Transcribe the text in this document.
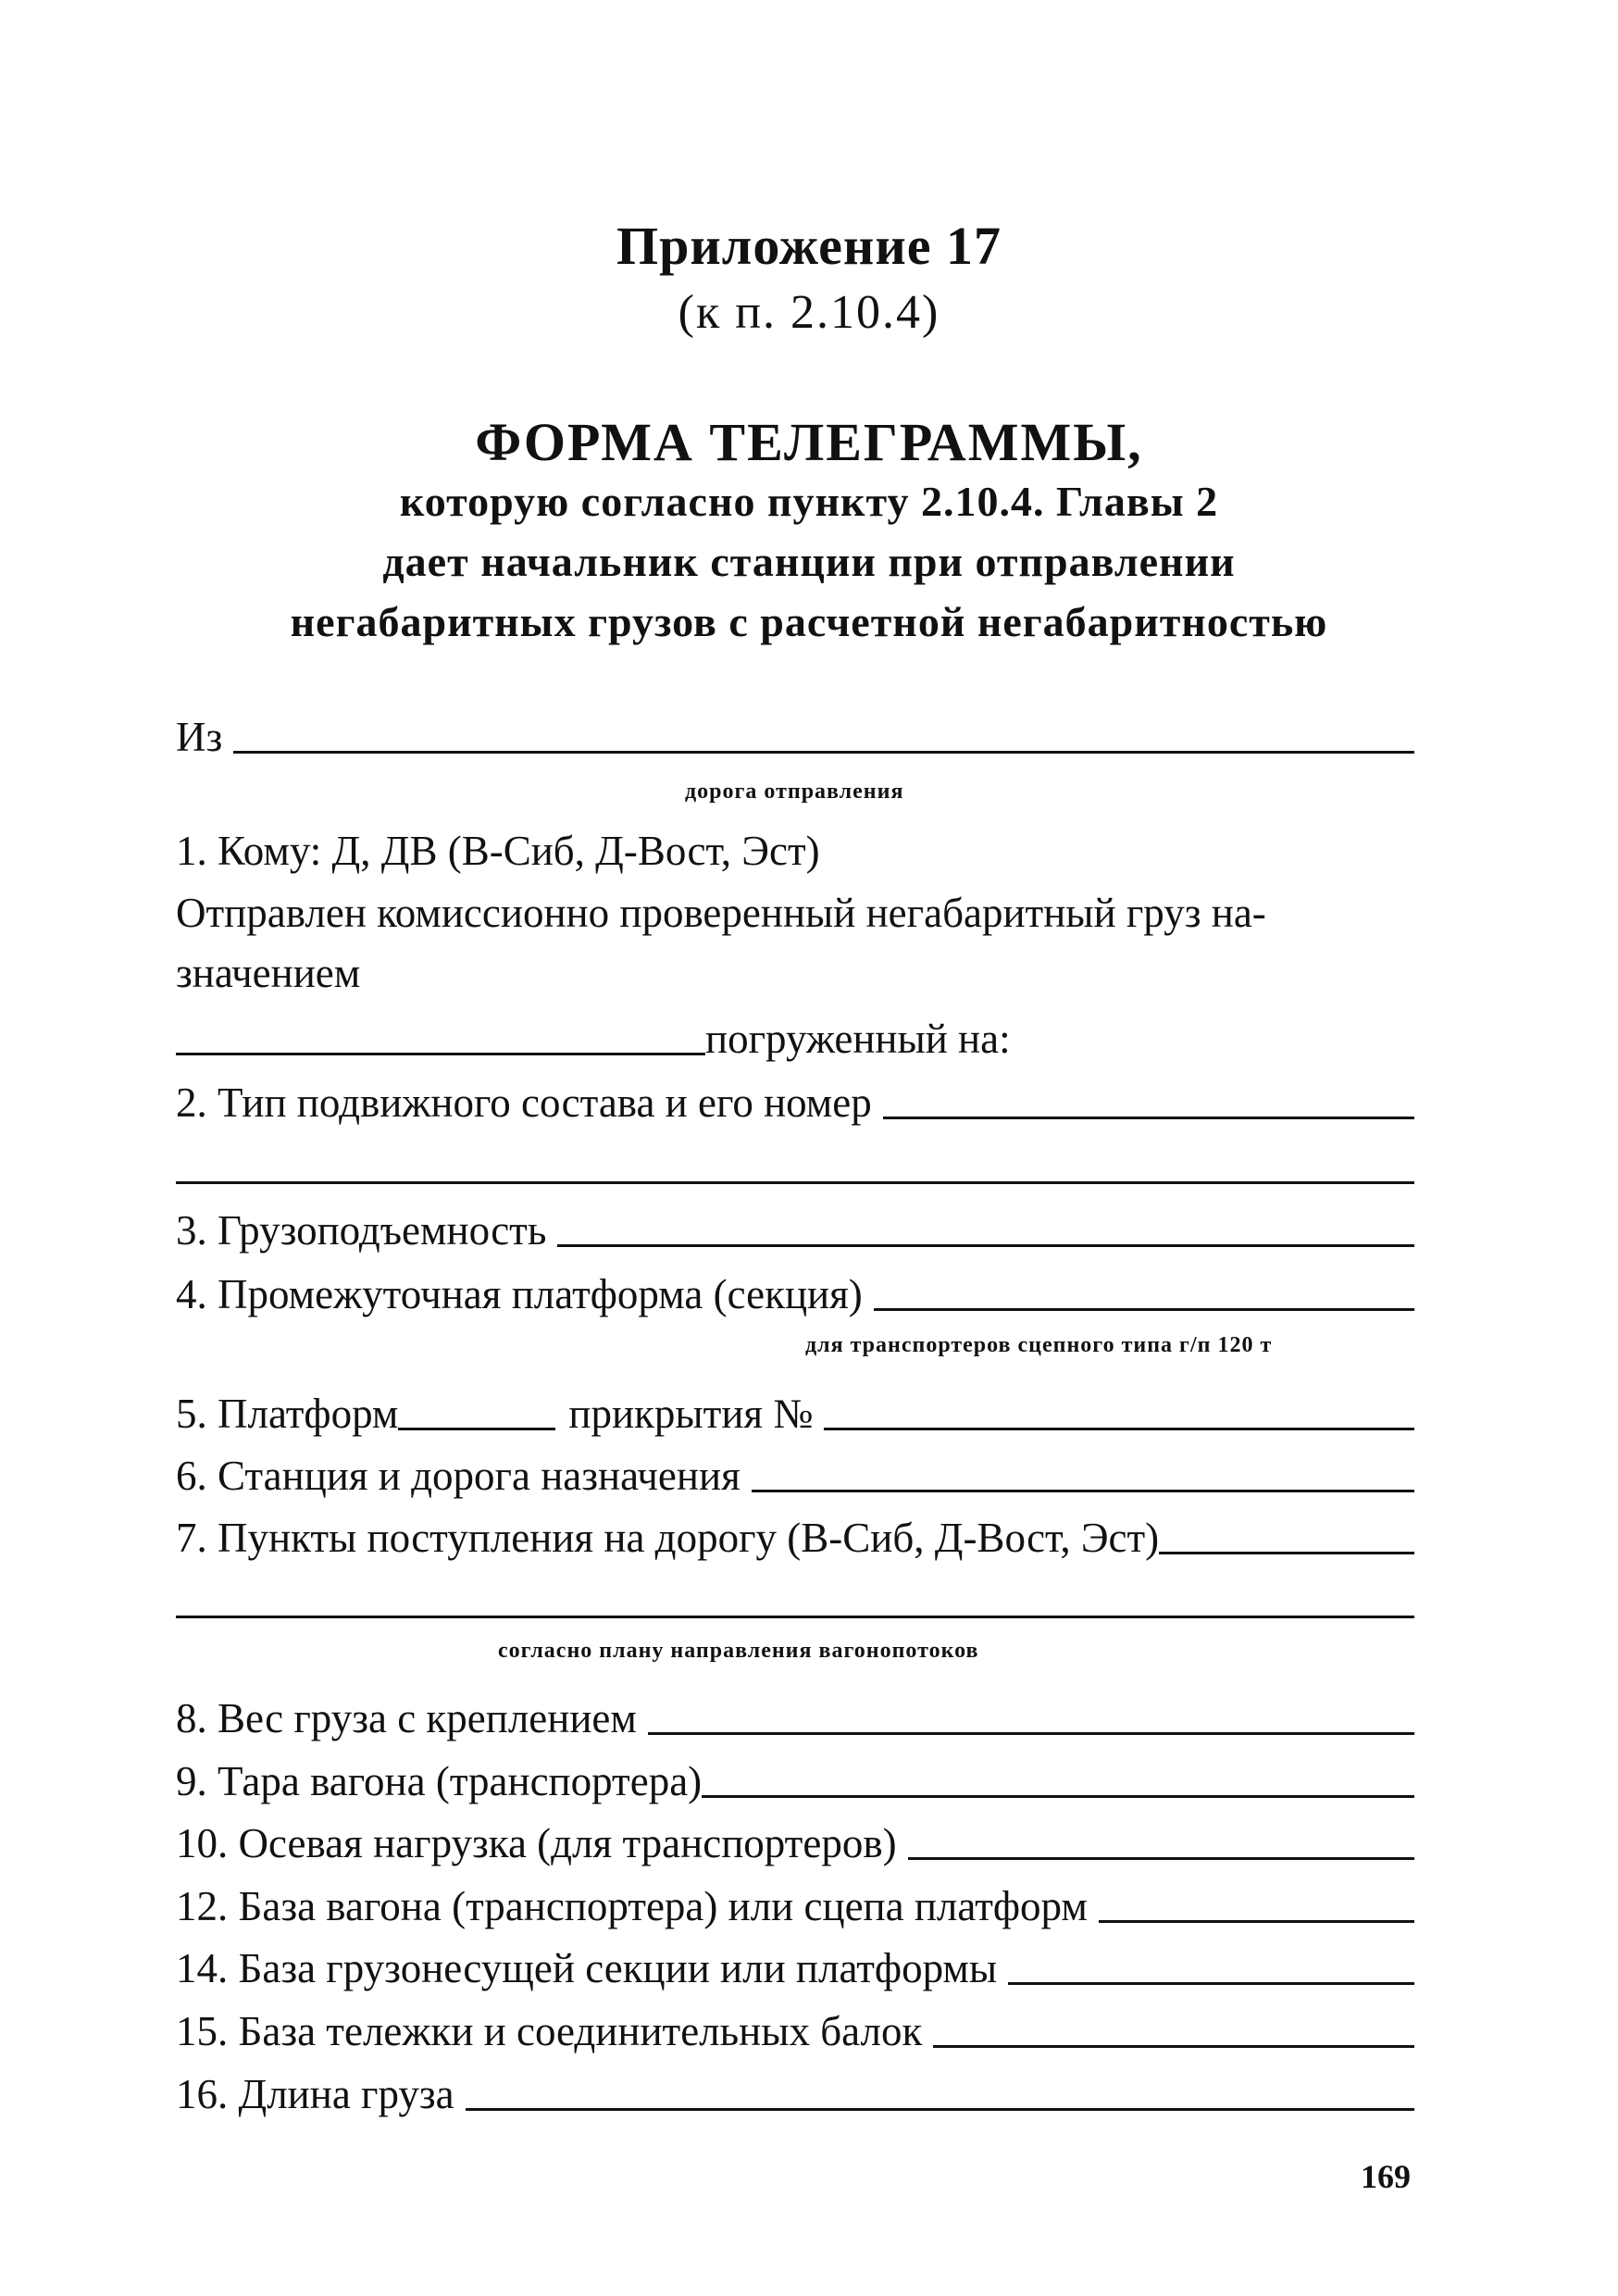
Приложение 17
(к п. 2.10.4)
ФОРМА ТЕЛЕГРАММЫ,
которую согласно пункту 2.10.4. Главы 2
дает начальник станции при отправлении
негабаритных грузов с расчетной негабаритностью
Из
дорога отправления
1. Кому: Д, ДВ (В-Сиб, Д-Вост, Эст)
Отправлен комиссионно проверенный негабаритный груз на-
значением
погруженный на:
2. Тип подвижного состава и его номер
3. Грузоподъемность
4. Промежуточная платформа (секция)
для транспортеров сцепного типа г/п 120 т
5. Платформ	прикрытия №
6. Станция и дорога назначения
7. Пункты поступления на дорогу (В-Сиб, Д-Вост, Эст)
согласно плану направления вагонопотоков
8. Вес груза с креплением
9. Тара вагона (транспортера)
10. Осевая нагрузка (для транспортеров)
12. База вагона (транспортера) или сцепа платформ
14. База грузонесущей секции или платформы
15. База тележки и соединительных балок
16. Длина груза
169
